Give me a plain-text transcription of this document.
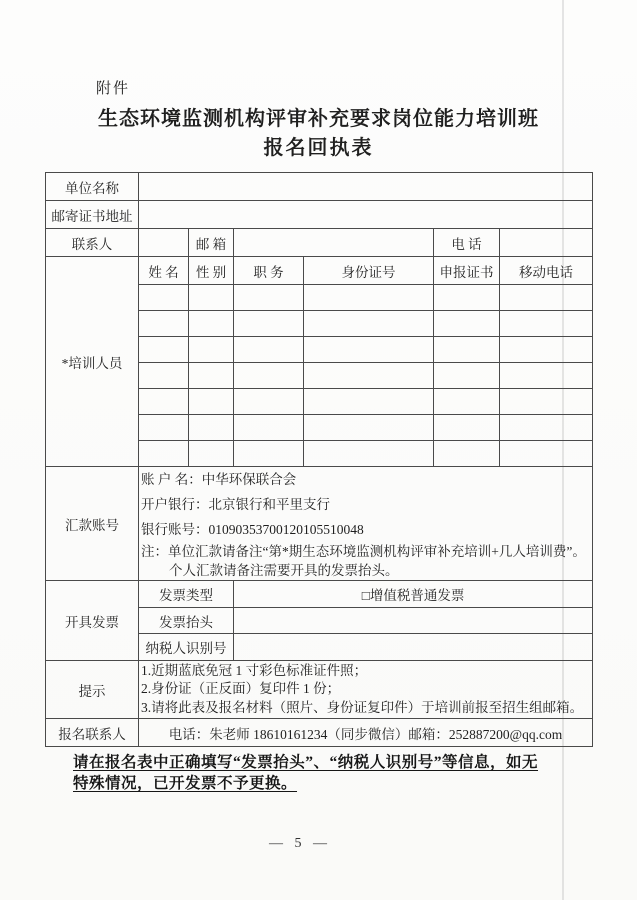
附件
生态环境监测机构评审补充要求岗位能力培训班
报名回执表
单位名称						
邮寄证书地址						
联系人		邮 箱			电 话	
*培训人员	姓 名	性 别	职 务	身份证号	申报证书	移动电话

汇款账号	账 户 名：中华环保联合会
开户银行：北京银行和平里支行
银行账号：01090353700120105510048
注：单位汇款请备注“第*期生态环境监测机构评审补充培训+几人培训费”。
个人汇款请备注需要开具的发票抬头。					

开具发票	发票类型		□增值税普通发票			
	发票抬头					
	纳税人识别号					
提示	1.近期蓝底免冠 1 寸彩色标准证件照；
2.身份证（正反面）复印件 1 份；
3.请将此表及报名材料（照片、身份证复印件）于培训前报至招生组邮箱。					

报名联系人	电话：朱老师 18610161234（同步微信）邮箱：252887200@qq.com					
请在报名表中正确填写“发票抬头”、“纳税人识别号”等信息，如无
特殊情况，已开发票不予更换。
— 5 —
